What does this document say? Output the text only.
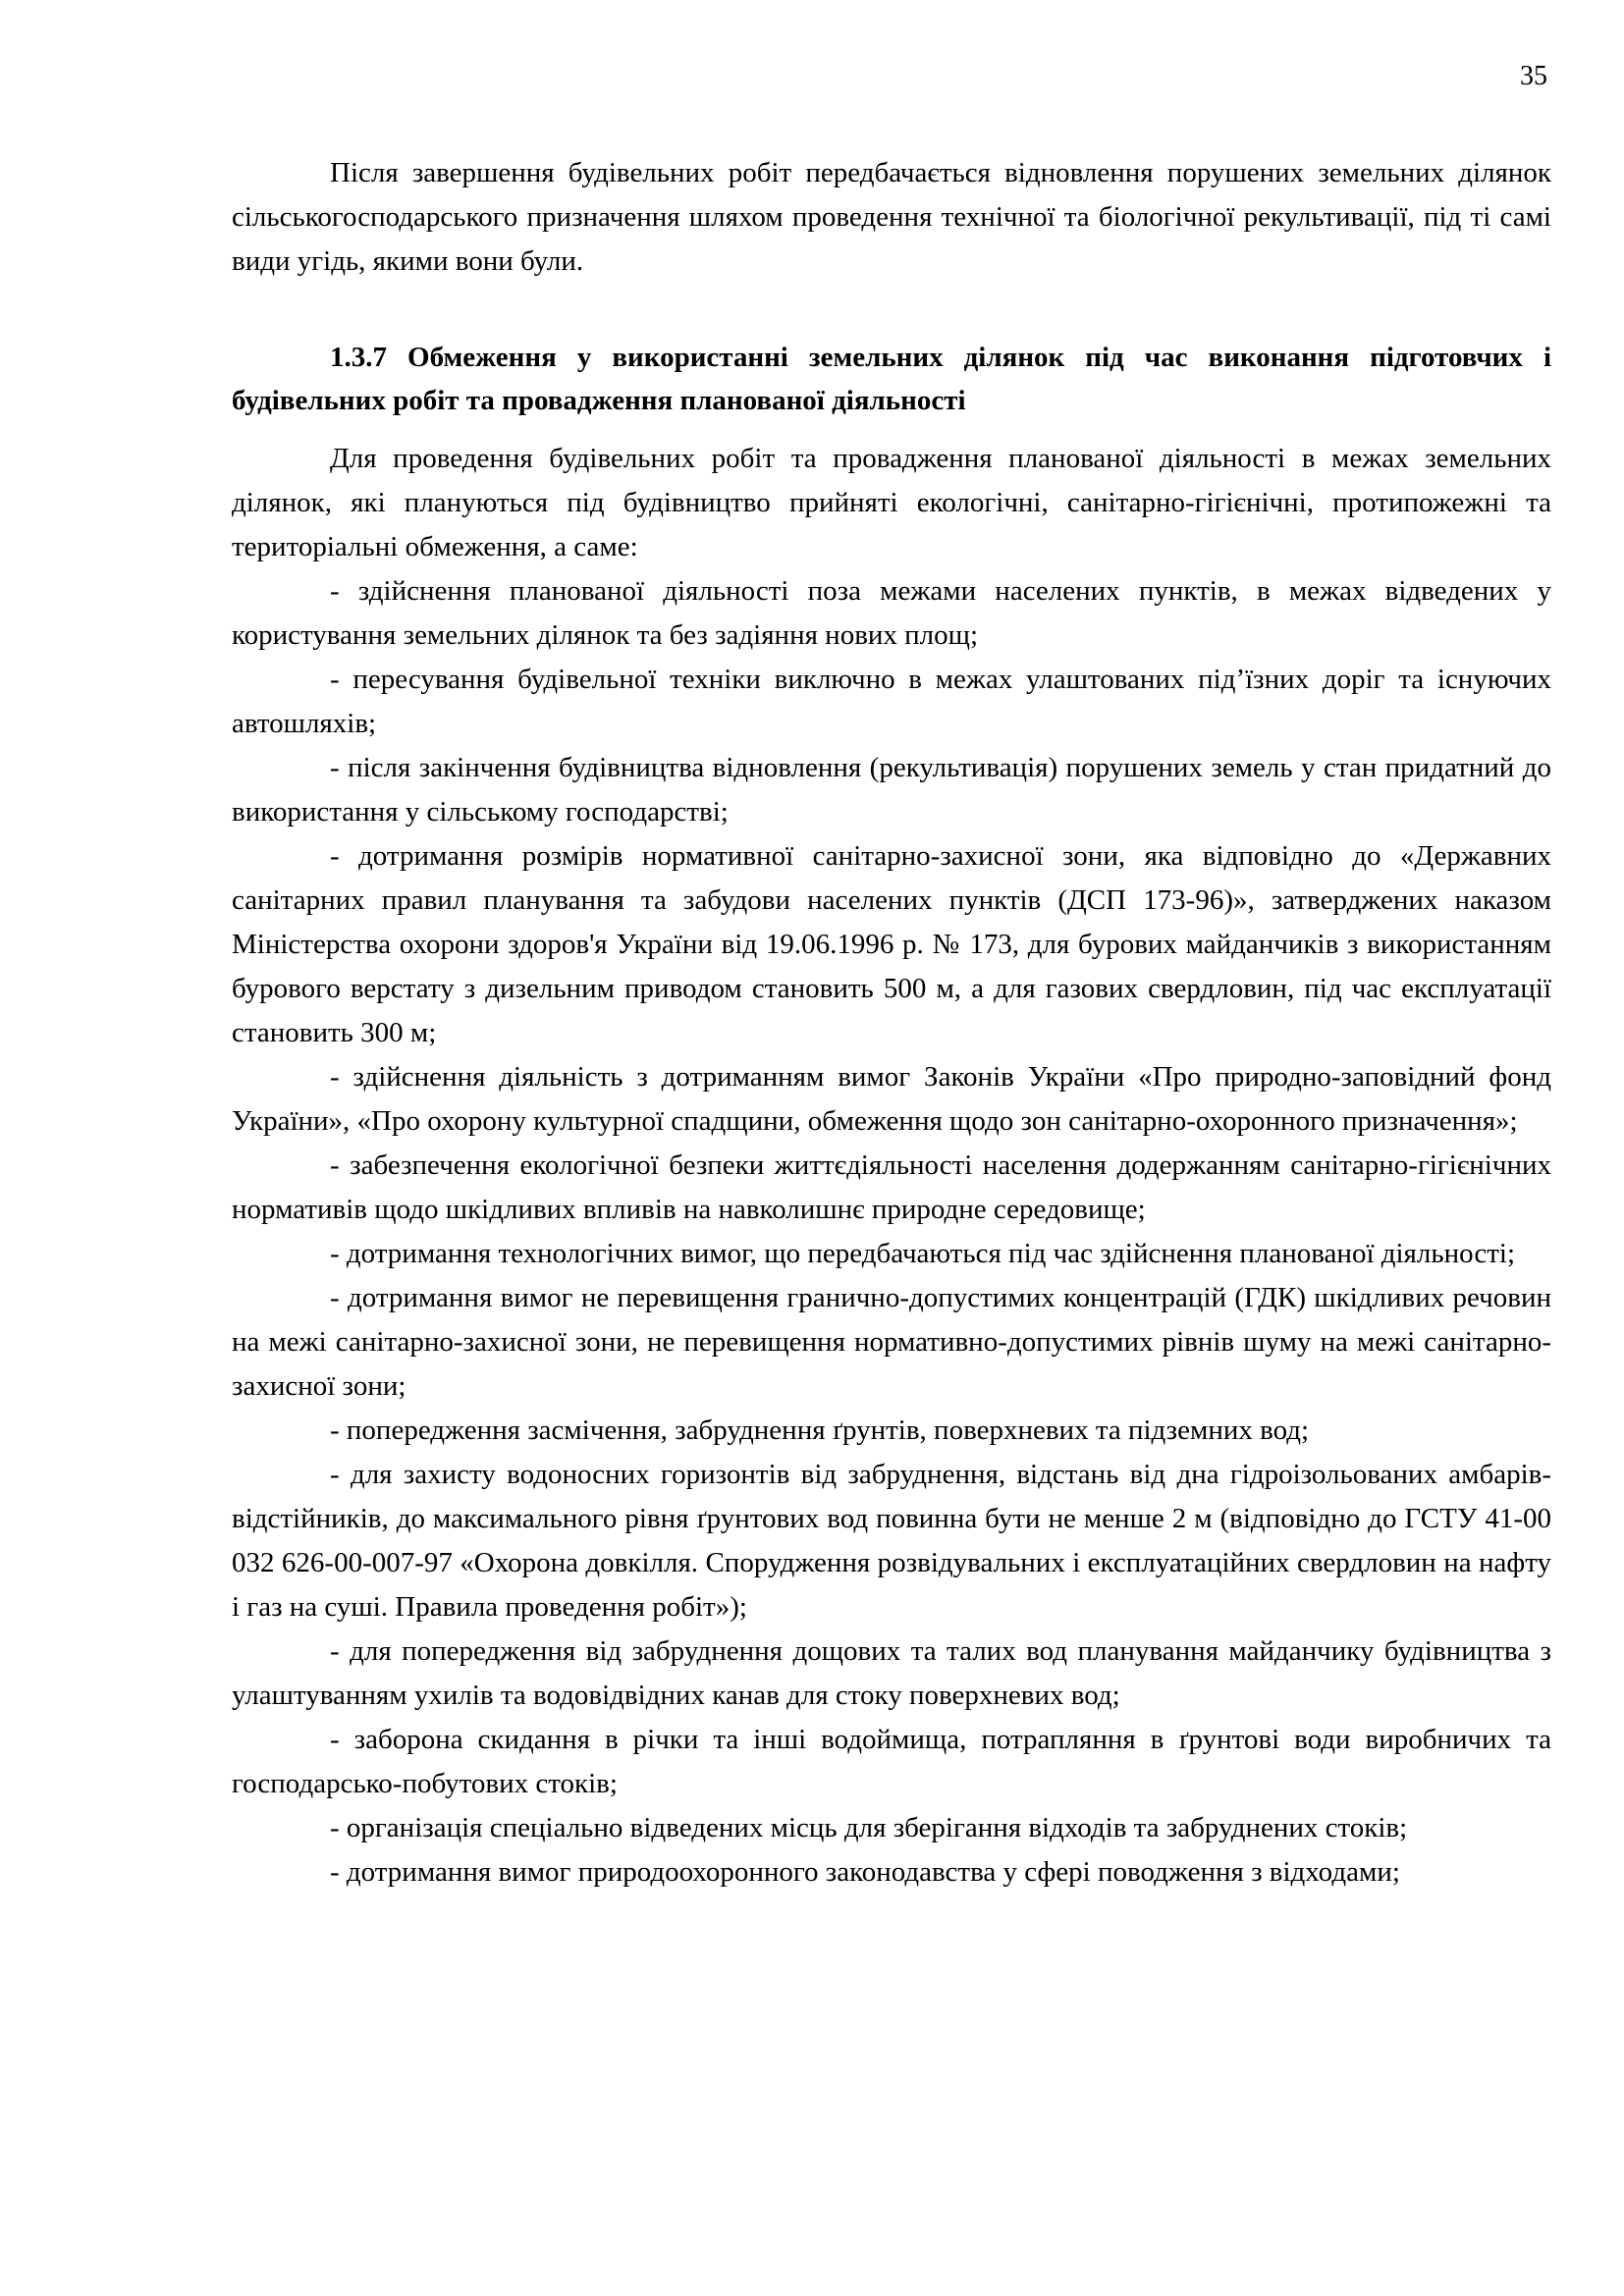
35

Після завершення будівельних робіт передбачається відновлення порушених земельних ділянок сільськогосподарського призначення шляхом проведення технічної та біологічної рекультивації, під ті самі види угідь, якими вони були.

1.3.7 Обмеження у використанні земельних ділянок під час виконання підготовчих і будівельних робіт та провадження планованої діяльності

Для проведення будівельних робіт та провадження планованої діяльності в межах земельних ділянок, які плануються під будівництво прийняті екологічні, санітарно-гігієнічні, протипожежні та територіальні обмеження, а саме:

- здійснення планованої діяльності поза межами населених пунктів, в межах відведених у користування земельних ділянок та без задіяння нових площ;

- пересування будівельної техніки виключно в межах улаштованих під’їзних доріг та існуючих автошляхів;

- після закінчення будівництва відновлення (рекультивація) порушених земель у стан придатний до використання у сільському господарстві;

- дотримання розмірів нормативної санітарно-захисної зони, яка відповідно до «Державних санітарних правил планування та забудови населених пунктів (ДСП 173-96)», затверджених наказом Міністерства охорони здоров'я України від 19.06.1996 р. № 173, для бурових майданчиків з використанням бурового верстату з дизельним приводом становить 500 м, а для газових свердловин, під час експлуатації становить 300 м;

- здійснення діяльність з дотриманням вимог Законів України «Про природно-заповідний фонд України», «Про охорону культурної спадщини, обмеження щодо зон санітарно-охоронного призначення»;

- забезпечення екологічної безпеки життєдіяльності населення додержанням санітарно-гігієнічних нормативів щодо шкідливих впливів на навколишнє природне середовище;

- дотримання технологічних вимог, що передбачаються під час здійснення планованої діяльності;

- дотримання вимог не перевищення гранично-допустимих концентрацій (ГДК) шкідливих речовин на межі санітарно-захисної зони, не перевищення нормативно-допустимих рівнів шуму на межі санітарно-захисної зони;

- попередження засмічення, забруднення ґрунтів, поверхневих та підземних вод;

- для захисту водоносних горизонтів від забруднення, відстань від дна гідроізольованих амбарів-відстійників, до максимального рівня ґрунтових вод повинна бути не менше 2 м (відповідно до ГСТУ 41-00 032 626-00-007-97 «Охорона довкілля. Спорудження розвідувальних і експлуатаційних свердловин на нафту і газ на суші. Правила проведення робіт»);

- для попередження від забруднення дощових та талих вод планування майданчику будівництва з улаштуванням ухилів та водовідвідних канав для стоку поверхневих вод;

- заборона скидання в річки та інші водоймища, потрапляння в ґрунтові води виробничих та господарсько-побутових стоків;

- організація спеціально відведених місць для зберігання відходів та забруднених стоків;

- дотримання вимог природоохоронного законодавства у сфері поводження з відходами;
